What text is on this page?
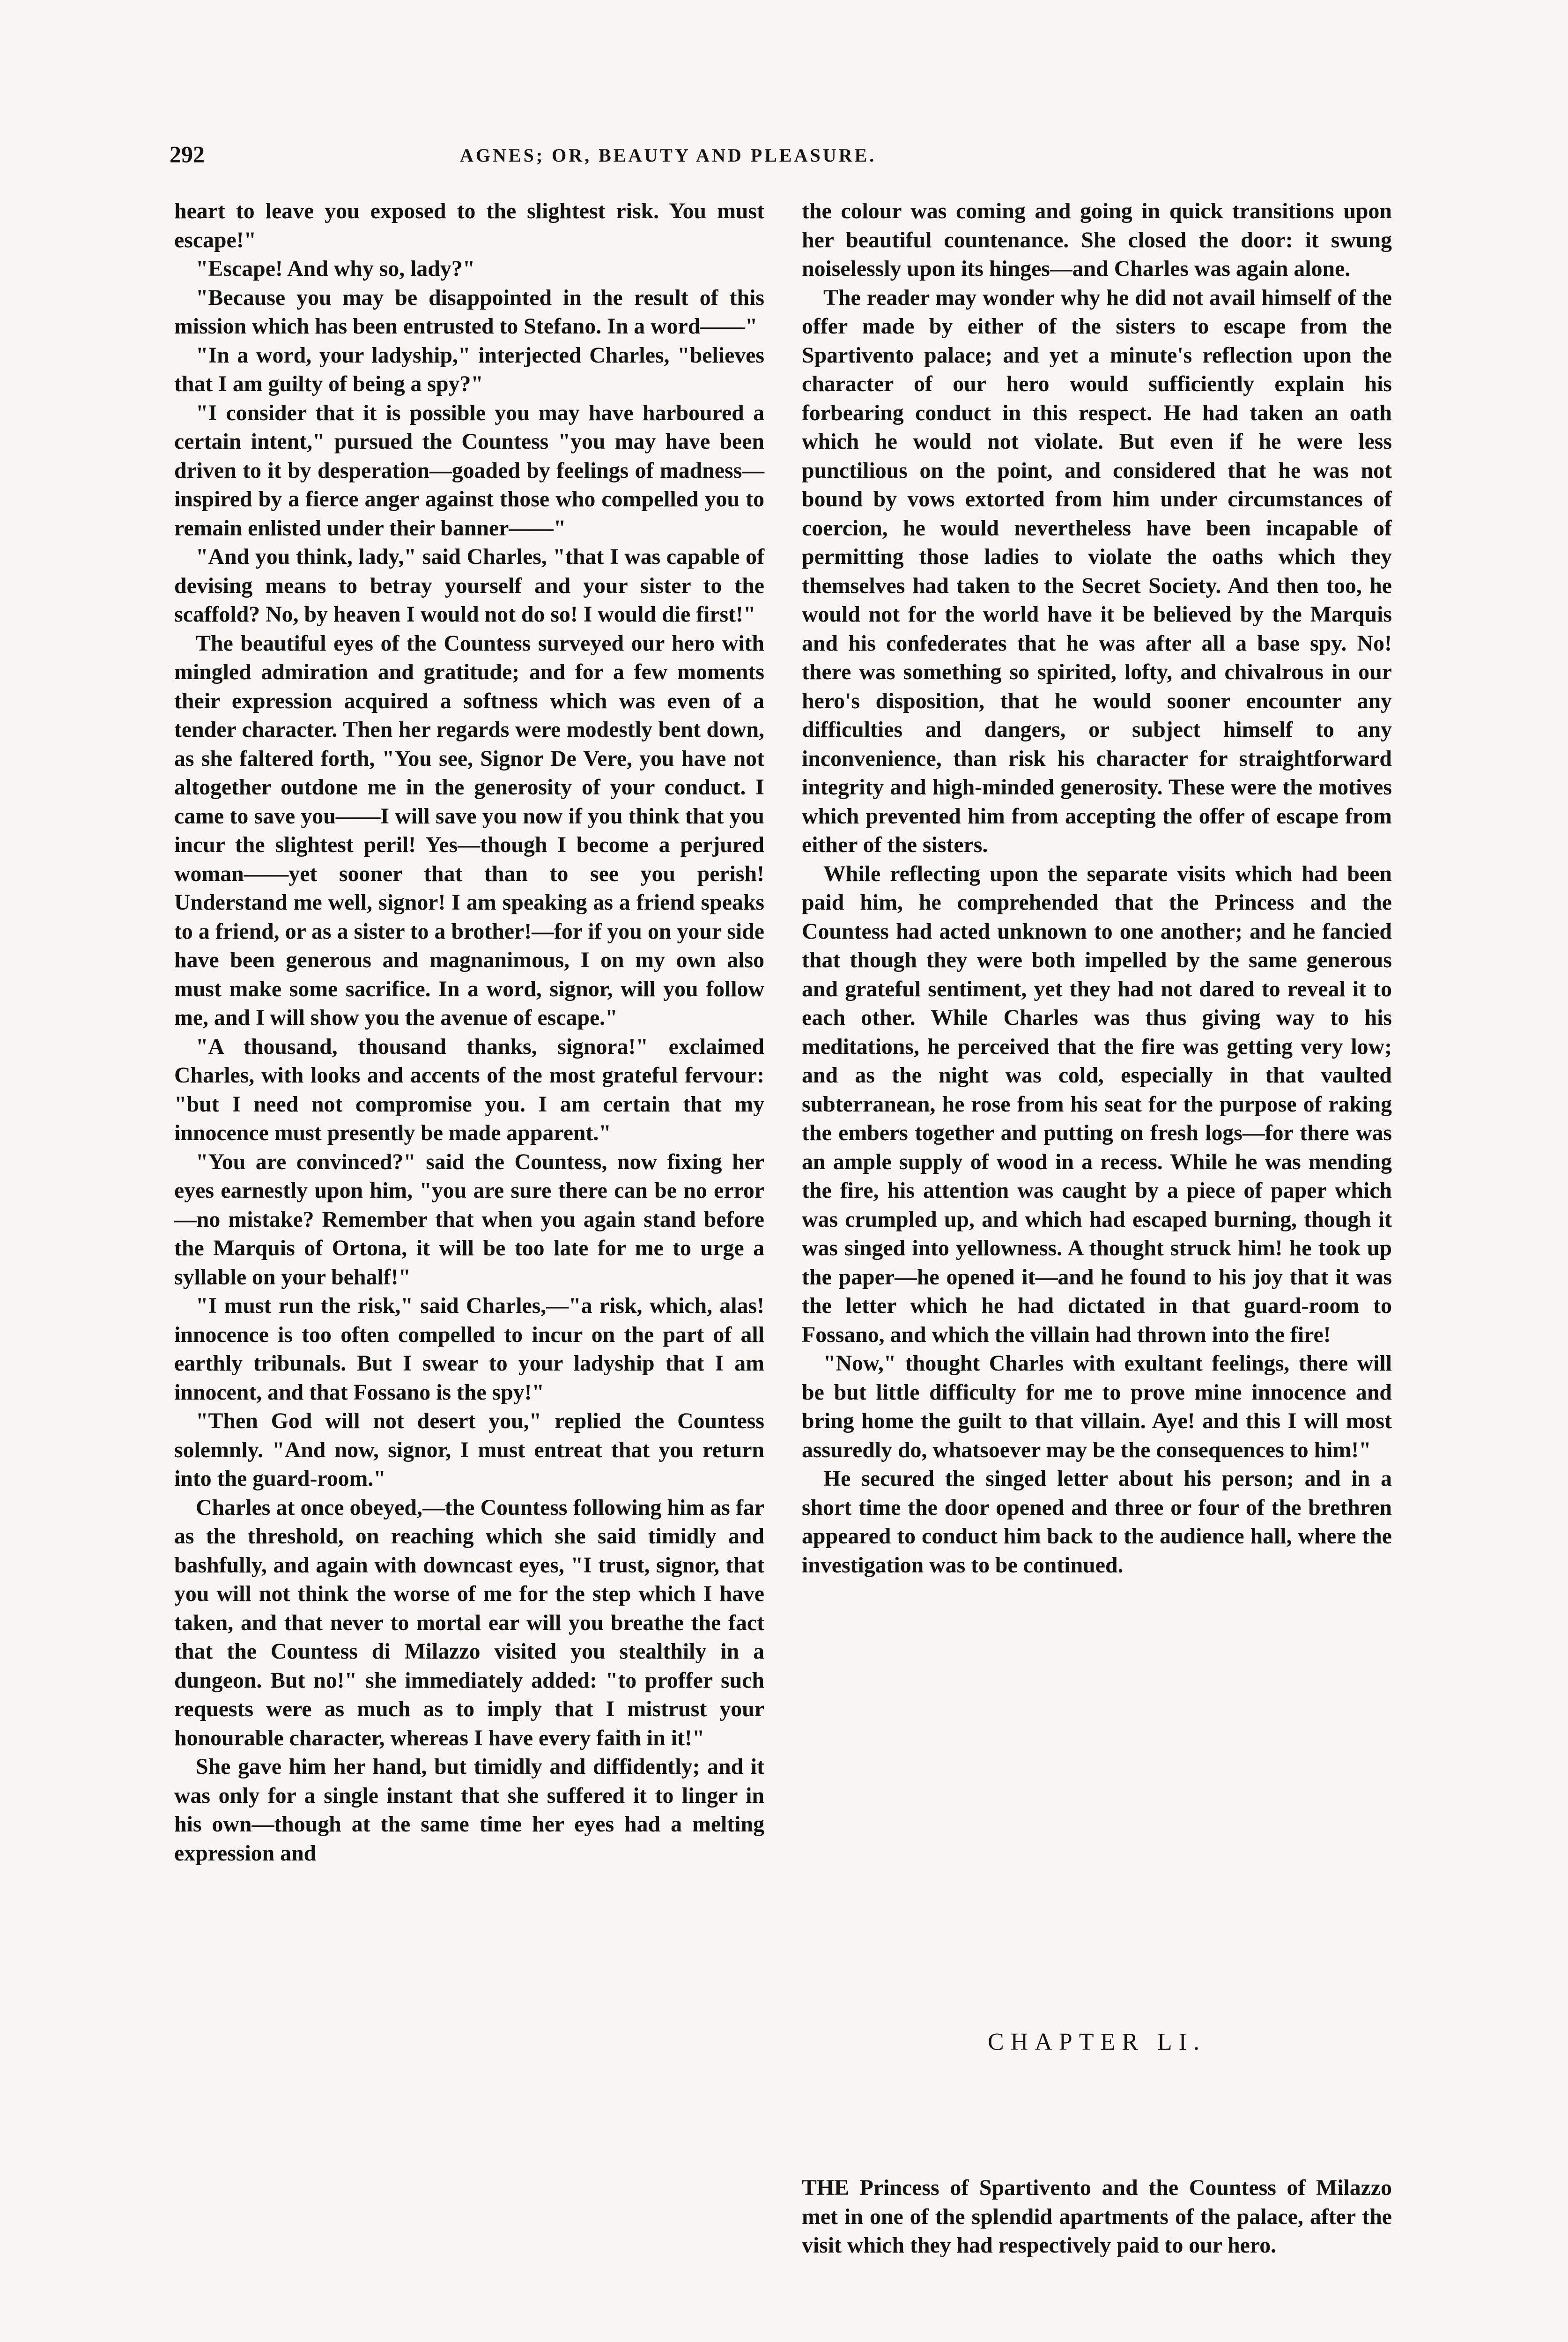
292	AGNES; OR, BEAUTY AND PLEASURE.

heart to leave you exposed to the slightest risk. You must escape!"

"Escape! And why so, lady?"

"Because you may be disappointed in the result of this mission which has been entrusted to Stefano. In a word——"

"In a word, your ladyship," interjected Charles, "believes that I am guilty of being a spy?"

"I consider that it is possible you may have harboured a certain intent," pursued the Countess "you may have been driven to it by desperation—goaded by feelings of madness—inspired by a fierce anger against those who compelled you to remain enlisted under their banner——"

"And you think, lady," said Charles, "that I was capable of devising means to betray yourself and your sister to the scaffold? No, by heaven I would not do so! I would die first!"

The beautiful eyes of the Countess surveyed our hero with mingled admiration and gratitude; and for a few moments their expression acquired a softness which was even of a tender character. Then her regards were modestly bent down, as she faltered forth, "You see, Signor De Vere, you have not altogether outdone me in the generosity of your conduct. I came to save you——I will save you now if you think that you incur the slightest peril! Yes—though I become a perjured woman——yet sooner that than to see you perish! Understand me well, signor! I am speaking as a friend speaks to a friend, or as a sister to a brother!—for if you on your side have been generous and magnanimous, I on my own also must make some sacrifice. In a word, signor, will you follow me, and I will show you the avenue of escape."

"A thousand, thousand thanks, signora!" exclaimed Charles, with looks and accents of the most grateful fervour: "but I need not compromise you. I am certain that my innocence must presently be made apparent."

"You are convinced?" said the Countess, now fixing her eyes earnestly upon him, "you are sure there can be no error—no mistake? Remember that when you again stand before the Marquis of Ortona, it will be too late for me to urge a syllable on your behalf!"

"I must run the risk," said Charles,—"a risk, which, alas! innocence is too often compelled to incur on the part of all earthly tribunals. But I swear to your ladyship that I am innocent, and that Fossano is the spy!"

"Then God will not desert you," replied the Countess solemnly. "And now, signor, I must entreat that you return into the guard-room."

Charles at once obeyed,—the Countess following him as far as the threshold, on reaching which she said timidly and bashfully, and again with downcast eyes, "I trust, signor, that you will not think the worse of me for the step which I have taken, and that never to mortal ear will you breathe the fact that the Countess di Milazzo visited you stealthily in a dungeon. But no!" she immediately added: "to proffer such requests were as much as to imply that I mistrust your honourable character, whereas I have every faith in it!"

She gave him her hand, but timidly and diffidently; and it was only for a single instant that she suffered it to linger in his own—though at the same time her eyes had a melting expression and

the colour was coming and going in quick transitions upon her beautiful countenance. She closed the door: it swung noiselessly upon its hinges—and Charles was again alone.

The reader may wonder why he did not avail himself of the offer made by either of the sisters to escape from the Spartivento palace; and yet a minute's reflection upon the character of our hero would sufficiently explain his forbearing conduct in this respect. He had taken an oath which he would not violate. But even if he were less punctilious on the point, and considered that he was not bound by vows extorted from him under circumstances of coercion, he would nevertheless have been incapable of permitting those ladies to violate the oaths which they themselves had taken to the Secret Society. And then too, he would not for the world have it be believed by the Marquis and his confederates that he was after all a base spy. No! there was something so spirited, lofty, and chivalrous in our hero's disposition, that he would sooner encounter any difficulties and dangers, or subject himself to any inconvenience, than risk his character for straightforward integrity and high-minded generosity. These were the motives which prevented him from accepting the offer of escape from either of the sisters.

While reflecting upon the separate visits which had been paid him, he comprehended that the Princess and the Countess had acted unknown to one another; and he fancied that though they were both impelled by the same generous and grateful sentiment, yet they had not dared to reveal it to each other. While Charles was thus giving way to his meditations, he perceived that the fire was getting very low; and as the night was cold, especially in that vaulted subterranean, he rose from his seat for the purpose of raking the embers together and putting on fresh logs—for there was an ample supply of wood in a recess. While he was mending the fire, his attention was caught by a piece of paper which was crumpled up, and which had escaped burning, though it was singed into yellowness. A thought struck him! he took up the paper—he opened it—and he found to his joy that it was the letter which he had dictated in that guard-room to Fossano, and which the villain had thrown into the fire!

"Now," thought Charles with exultant feelings, there will be but little difficulty for me to prove mine innocence and bring home the guilt to that villain. Aye! and this I will most assuredly do, whatsoever may be the consequences to him!"

He secured the singed letter about his person; and in a short time the door opened and three or four of the brethren appeared to conduct him back to the audience hall, where the investigation was to be continued.

CHAPTER LI.

THE Princess of Spartivento and the Countess of Milazzo met in one of the splendid apartments of the palace, after the visit which they had respectively paid to our hero.
